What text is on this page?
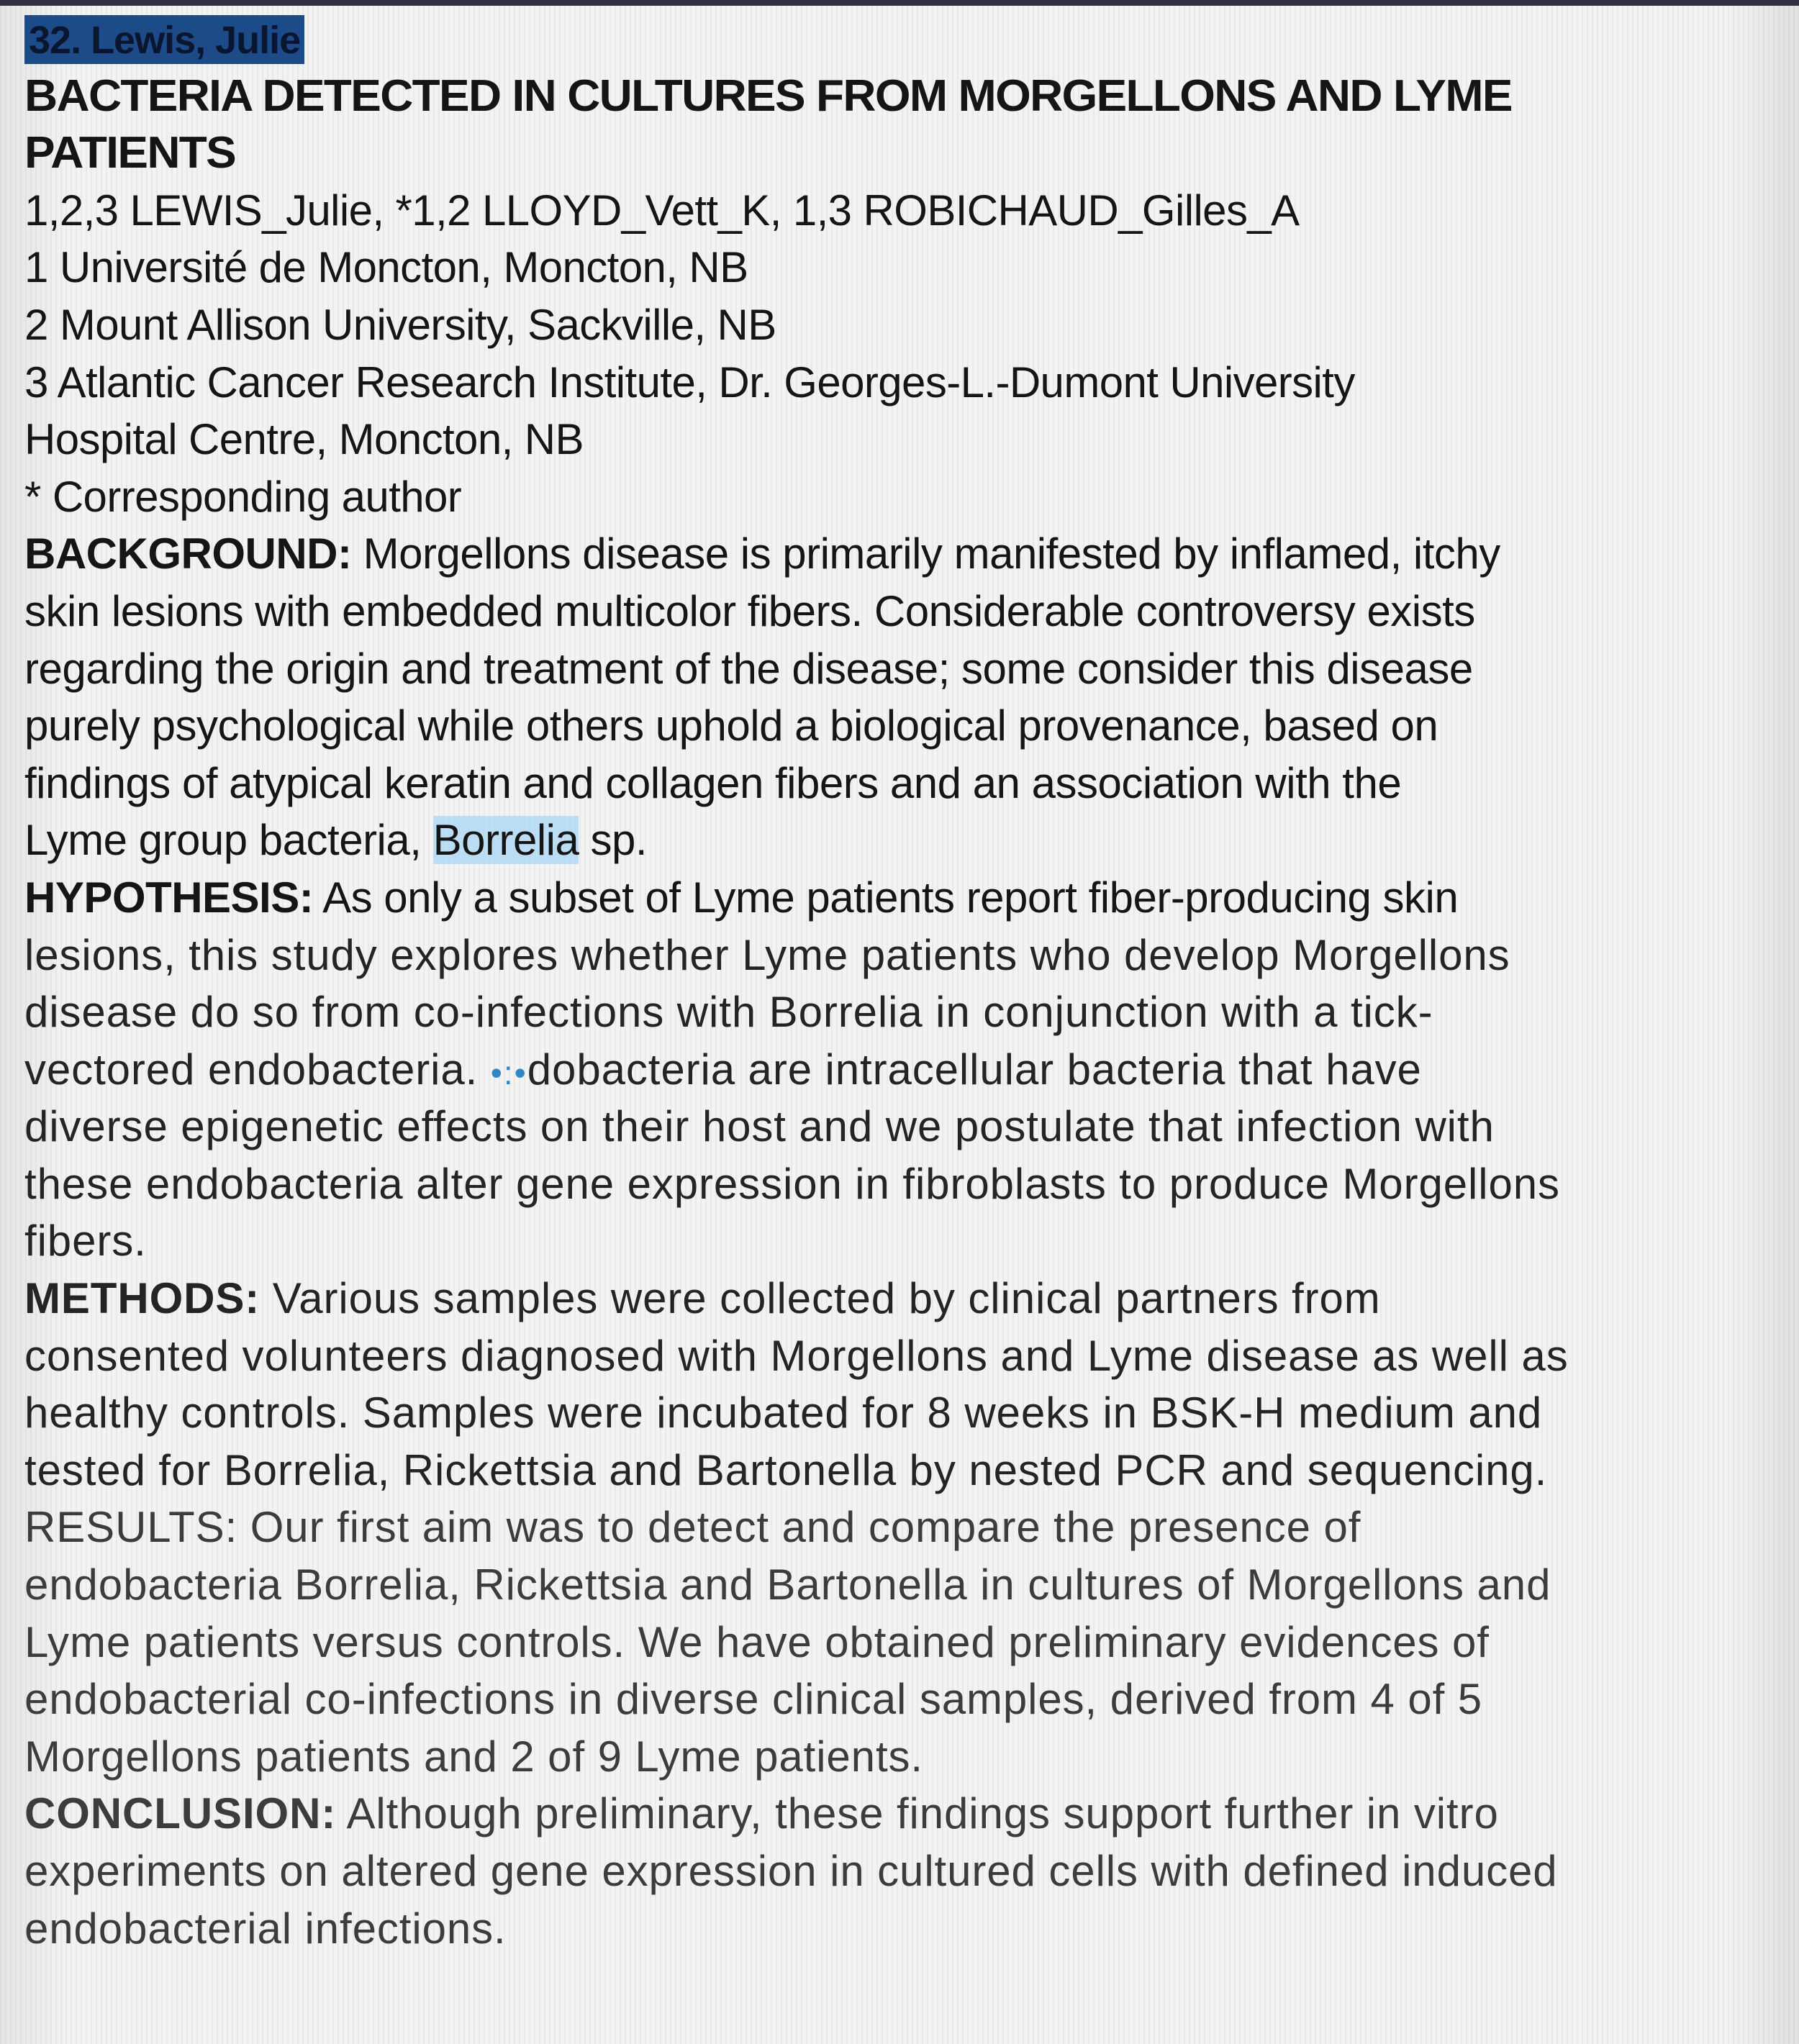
32. Lewis, Julie
BACTERIA DETECTED IN CULTURES FROM MORGELLONS AND LYME
PATIENTS
1,2,3 LEWIS_Julie, *1,2 LLOYD_Vett_K, 1,3 ROBICHAUD_Gilles_A
1 Université de Moncton, Moncton, NB
2 Mount Allison University, Sackville, NB
3 Atlantic Cancer Research Institute, Dr. Georges-L.-Dumont University
Hospital Centre, Moncton, NB
* Corresponding author
BACKGROUND: Morgellons disease is primarily manifested by inflamed, itchy
skin lesions with embedded multicolor fibers. Considerable controversy exists
regarding the origin and treatment of the disease; some consider this disease
purely psychological while others uphold a biological provenance, based on
findings of atypical keratin and collagen fibers and an association with the
Lyme group bacteria, Borrelia sp.
HYPOTHESIS: As only a subset of Lyme patients report fiber-producing skin
lesions, this study explores whether Lyme patients who develop Morgellons
disease do so from co-infections with Borrelia in conjunction with a tick-
vectored endobacteria. •:•dobacteria are intracellular bacteria that have
diverse epigenetic effects on their host and we postulate that infection with
these endobacteria alter gene expression in fibroblasts to produce Morgellons
fibers.
METHODS: Various samples were collected by clinical partners from
consented volunteers diagnosed with Morgellons and Lyme disease as well as
healthy controls. Samples were incubated for 8 weeks in BSK-H medium and
tested for Borrelia, Rickettsia and Bartonella by nested PCR and sequencing.
RESULTS: Our first aim was to detect and compare the presence of
endobacteria Borrelia, Rickettsia and Bartonella in cultures of Morgellons and
Lyme patients versus controls. We have obtained preliminary evidences of
endobacterial co-infections in diverse clinical samples, derived from 4 of 5
Morgellons patients and 2 of 9 Lyme patients.
CONCLUSION: Although preliminary, these findings support further in vitro
experiments on altered gene expression in cultured cells with defined induced
endobacterial infections.
